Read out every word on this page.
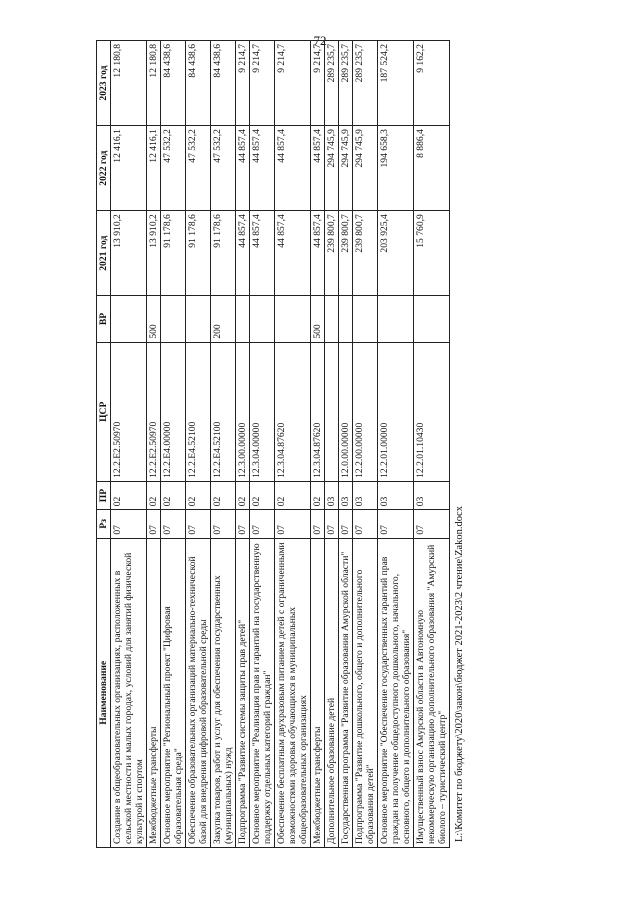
72
Наименование	Рз	ПР	ЦСР	ВР	2021 год	2022 год	2023 год
Создание в общеобразовательных организациях, расположенных в сельской местности и малых городах, условий для занятий физической культурой и спортом	07	02	12.2.E2.50970		13 910,2	12 416,1	12 180,8
Межбюджетные трансферты	07	02	12.2.E2.50970	500	13 910,2	12 416,1	12 180,8
Основное мероприятие "Региональный проект "Цифровая образовательная среда"	07	02	12.2.E4.00000		91 178,6	47 532,2	84 438,6
Обеспечение образовательных организаций материально-технической базой для внедрения цифровой образовательной среды	07	02	12.2.E4.52100		91 178,6	47 532,2	84 438,6
Закупка товаров, работ и услуг для обеспечения государственных (муниципальных) нужд	07	02	12.2.E4.52100	200	91 178,6	47 532,2	84 438,6
Подпрограмма "Развитие системы защиты прав детей"	07	02	12.3.00.00000		44 857,4	44 857,4	9 214,7
Основное мероприятие "Реализация прав и гарантий на государственную поддержку отдельных категорий граждан"	07	02	12.3.04.00000		44 857,4	44 857,4	9 214,7
Обеспечение бесплатным двухразовым питанием детей с ограниченными возможностями здоровья обучающихся в муниципальных общеобразовательных организациях	07	02	12.3.04.87620		44 857,4	44 857,4	9 214,7
Межбюджетные трансферты	07	02	12.3.04.87620	500	44 857,4	44 857,4	9 214,7
Дополнительное образование детей	07	03			239 800,7	294 745,9	289 235,7
Государственная программа "Развитие образования Амурской области"	07	03	12.0.00.00000		239 800,7	294 745,9	289 235,7
Подпрограмма "Развитие дошкольного, общего и дополнительного образования детей"	07	03	12.2.00.00000		239 800,7	294 745,9	289 235,7
Основное мероприятие "Обеспечение государственных гарантий прав граждан на получение общедоступного дошкольного, начального, основного, общего и дополнительного образования"	07	03	12.2.01.00000		203 925,4	194 658,3	187 524,2
Имущественный взнос Амурской области в Автономную некоммерческую организацию дополнительного образования "Амурский биолого – туристический центр"	07	03	12.2.01.10430		15 760,9	8 886,4	9 162,2
L:\Комитет по бюджету\2020\закон\бюджет 2021-2023\2 чтение\Zakon.docx
